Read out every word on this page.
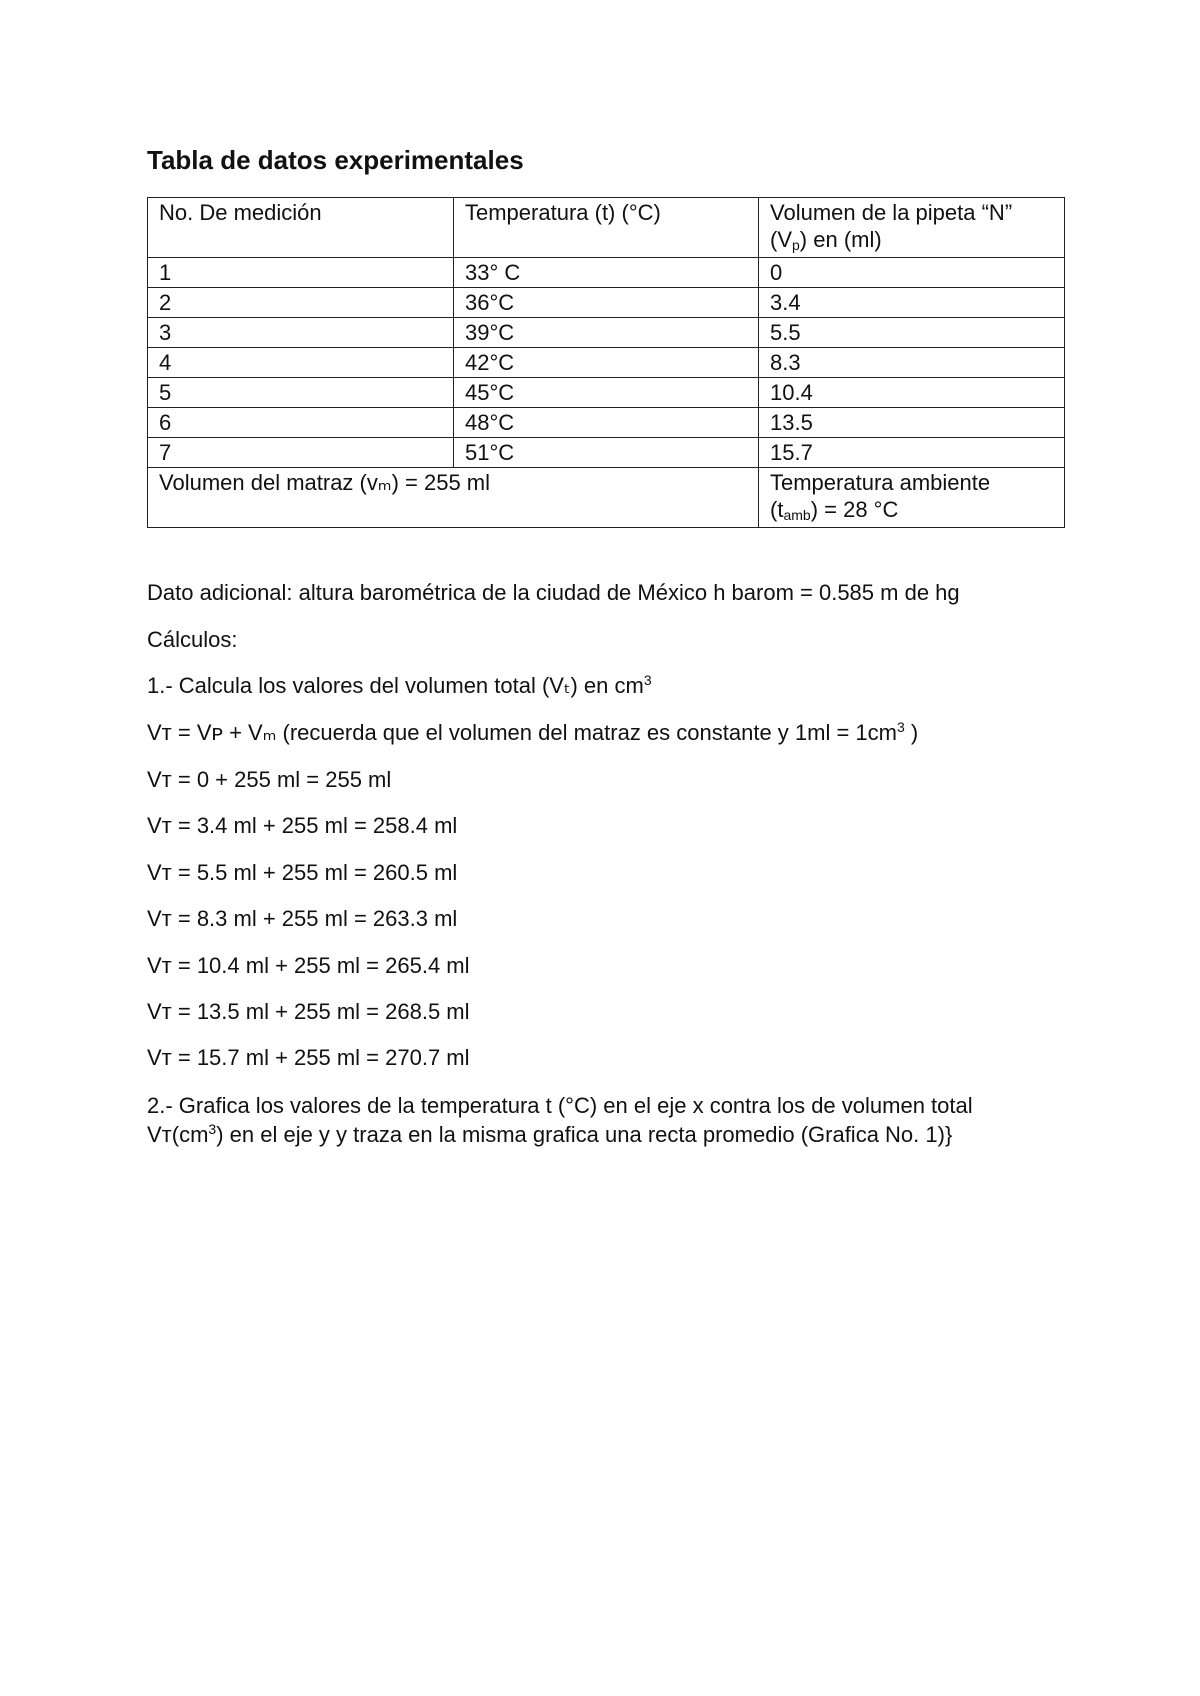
Tabla de datos experimentales
No. De medición	Temperatura (t) (°C)	Volumen de la pipeta “N”
(Vp) en (ml)
1	33° C	0
2	36°C	3.4
3	39°C	5.5
4	42°C	8.3
5	45°C	10.4
6	48°C	13.5
7	51°C	15.7
Volumen del matraz (vₘ) = 255 ml		Temperatura ambiente
(tamb) = 28 °C
Dato adicional: altura barométrica de la ciudad de México h barom = 0.585 m de hg
Cálculos:
1.- Calcula los valores del volumen total (Vₜ) en $cm^3$
Vᴛ = Vᴘ + Vₘ (recuerda que el volumen del matraz es constante y $1ml = 1cm^3$ )
Vᴛ = 0 + 255 ml = 255 ml
Vᴛ = 3.4 ml + 255 ml = 258.4 ml
Vᴛ = 5.5 ml + 255 ml = 260.5 ml
Vᴛ = 8.3 ml + 255 ml = 263.3 ml
Vᴛ = 10.4 ml + 255 ml = 265.4 ml
Vᴛ = 13.5 ml + 255 ml = 268.5 ml
Vᴛ = 15.7 ml + 255 ml = 270.7 ml
2.- Grafica los valores de la temperatura t (°C) en el eje x contra los de volumen total
$Vᴛ(cm^3)$ en el eje y y traza en la misma grafica una recta promedio (Grafica No. 1)}
